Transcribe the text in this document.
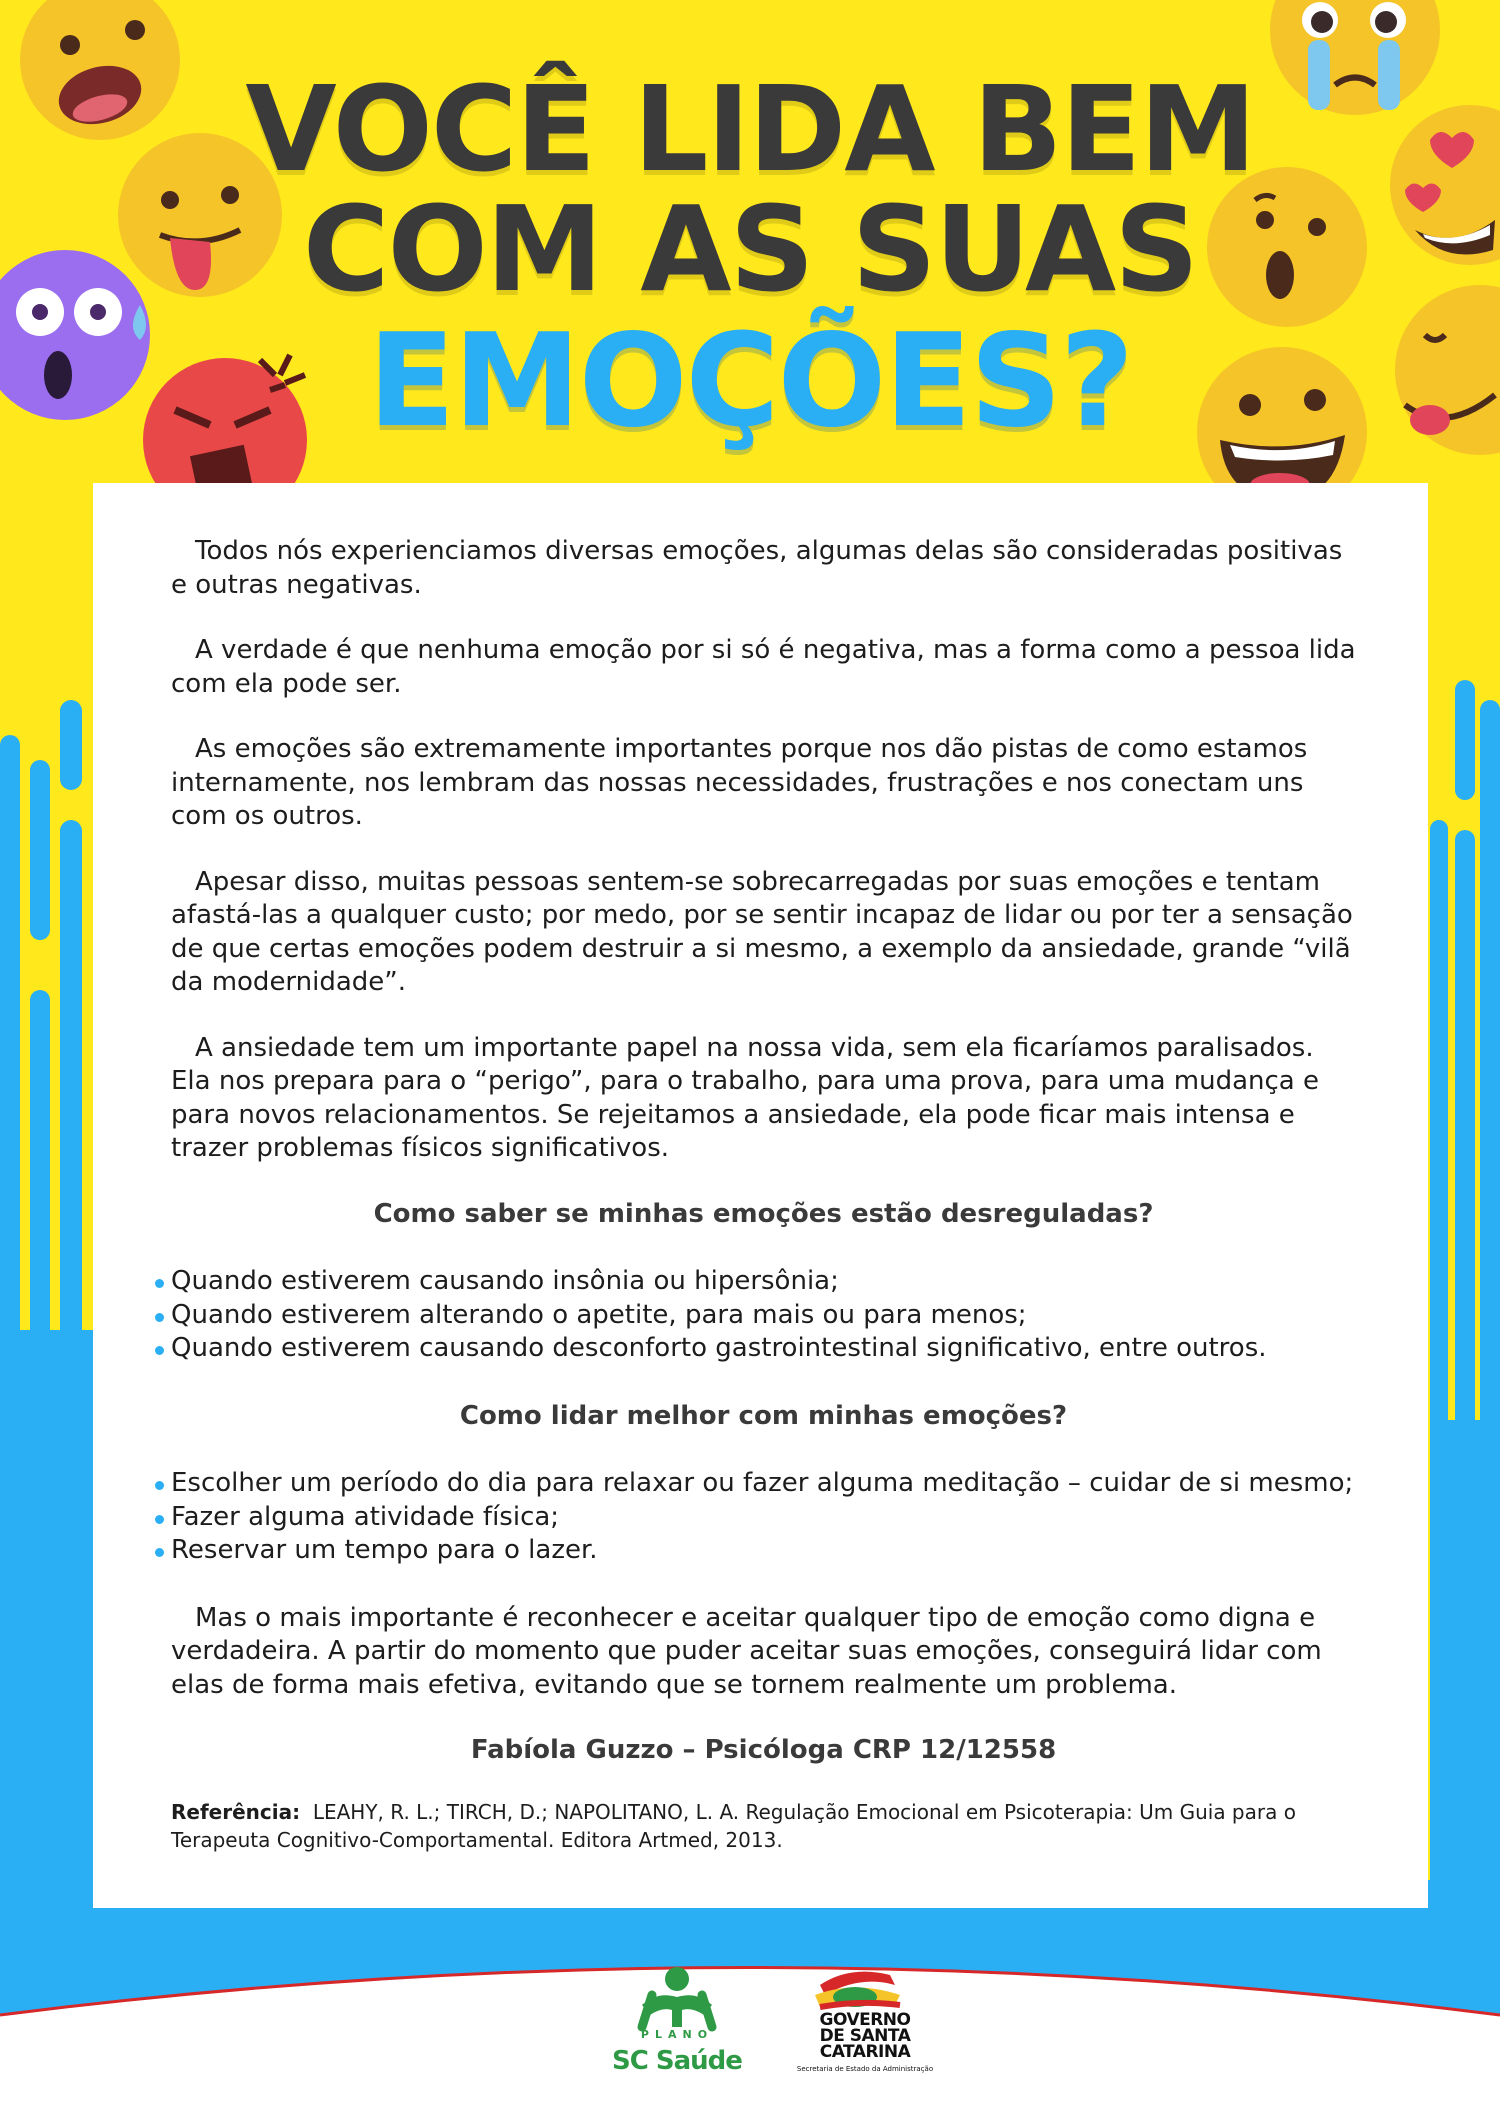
VOCÊ LIDA BEM
COM AS SUAS
EMOÇÕES?

Todos nós experienciamos diversas emoções, algumas delas são consideradas positivas e outras negativas.

A verdade é que nenhuma emoção por si só é negativa, mas a forma como a pessoa lida com ela pode ser.

As emoções são extremamente importantes porque nos dão pistas de como estamos internamente, nos lembram das nossas necessidades, frustrações e nos conectam uns com os outros.

Apesar disso, muitas pessoas sentem-se sobrecarregadas por suas emoções e tentam afastá-las a qualquer custo; por medo, por se sentir incapaz de lidar ou por ter a sensação de que certas emoções podem destruir a si mesmo, a exemplo da ansiedade, grande “vilã da modernidade”.

A ansiedade tem um importante papel na nossa vida, sem ela ficaríamos paralisados. Ela nos prepara para o “perigo”, para o trabalho, para uma prova, para uma mudança e para novos relacionamentos. Se rejeitamos a ansiedade, ela pode ficar mais intensa e trazer problemas físicos significativos.

Como saber se minhas emoções estão desreguladas?

Quando estiverem causando insônia ou hipersônia;
Quando estiverem alterando o apetite, para mais ou para menos;
Quando estiverem causando desconforto gastrointestinal significativo, entre outros.

Como lidar melhor com minhas emoções?

Escolher um período do dia para relaxar ou fazer alguma meditação – cuidar de si mesmo;
Fazer alguma atividade física;
Reservar um tempo para o lazer.

Mas o mais importante é reconhecer e aceitar qualquer tipo de emoção como digna e verdadeira. A partir do momento que puder aceitar suas emoções, conseguirá lidar com elas de forma mais efetiva, evitando que se tornem realmente um problema.

Fabíola Guzzo – Psicóloga CRP 12/12558

Referência: LEAHY, R. L.; TIRCH, D.; NAPOLITANO, L. A. Regulação Emocional em Psicoterapia: Um Guia para o Terapeuta Cognitivo-Comportamental. Editora Artmed, 2013.

PLANO
SC Saúde
GOVERNO
DE SANTA
CATARINA
Secretaria de Estado da Administração
